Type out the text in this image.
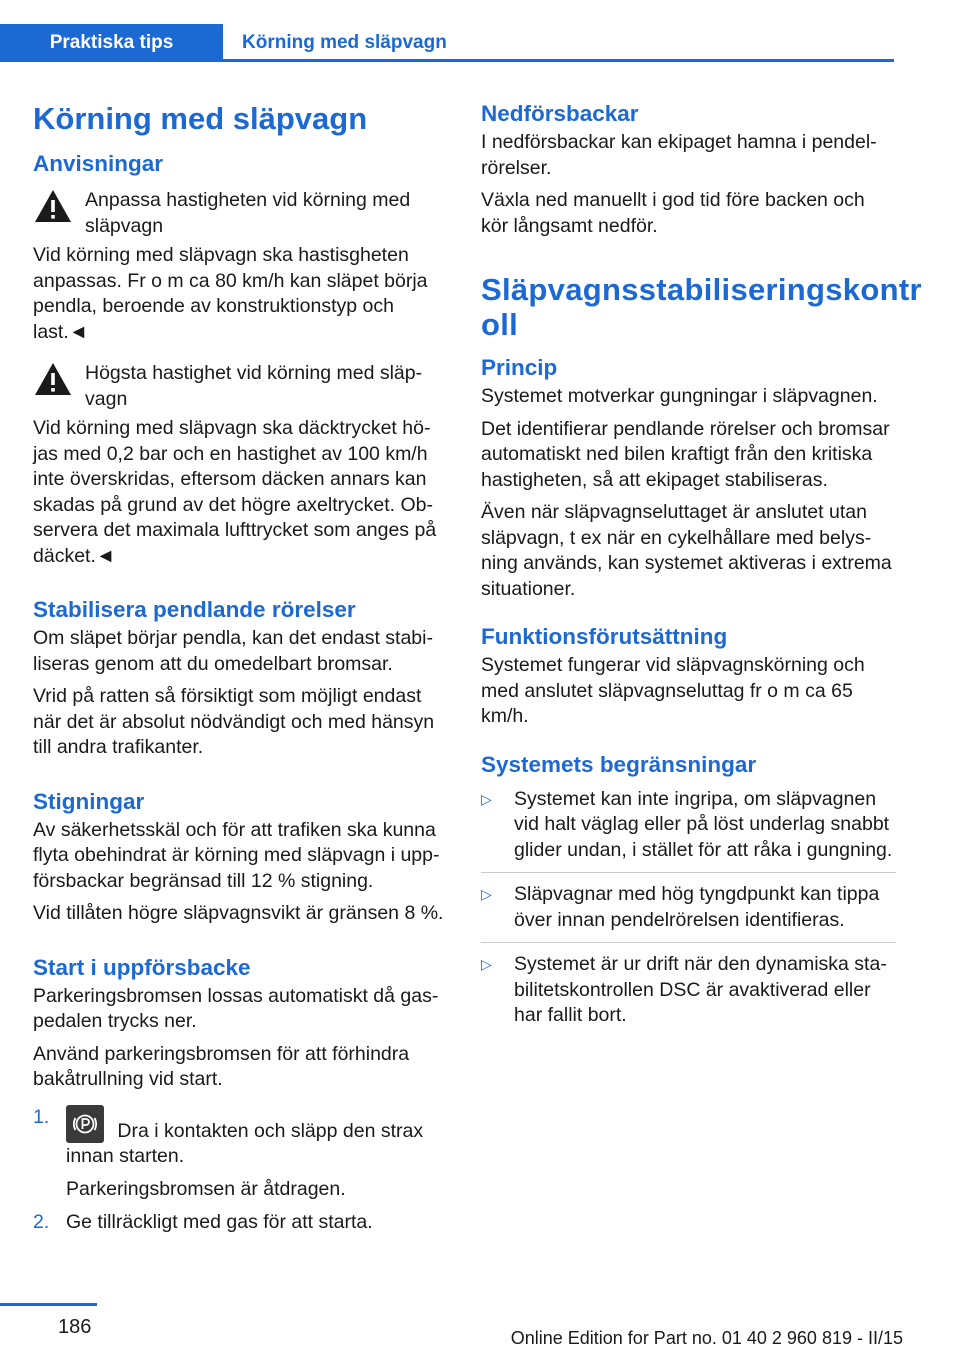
Praktiska tips	Körning med släpvagn
Körning med släpvagn
Anvisningar
Anpassa hastigheten vid körning med släpvagn

Vid körning med släpvagn ska hastisgheten anpassas. Fr o m ca 80 km/h kan släpet börja pendla, beroende av konstruktionstyp och last.◄

Högsta hastighet vid körning med släpvagn

Vid körning med släpvagn ska däcktrycket höjas med 0,2 bar och en hastighet av 100 km/h inte överskridas, eftersom däcken annars kan skadas på grund av det högre axeltrycket. Observera det maximala lufttrycket som anges på däcket.◄

Stabilisera pendlande rörelser

Om släpet börjar pendla, kan det endast stabiliseras genom att du omedelbart bromsar.

Vrid på ratten så försiktigt som möjligt endast när det är absolut nödvändigt och med hänsyn till andra trafikanter.

Stigningar

Av säkerhetsskäl och för att trafiken ska kunna flyta obehindrat är körning med släpvagn i uppförsbackar begränsad till 12 % stigning.

Vid tillåten högre släpvagnsvikt är gränsen 8 %.

Start i uppförsbacke

Parkeringsbromsen lossas automatiskt då gaspedalen trycks ner.

Använd parkeringsbromsen för att förhindra bakåtrullning vid start.

1.
Dra i kontakten och släpp den strax innan starten.
Parkeringsbromsen är åtdragen.
2. Ge tillräckligt med gas för att starta.
Nedförsbackar

I nedförsbackar kan ekipaget hamna i pendelrörelser.

Växla ned manuellt i god tid före backen och kör långsamt nedför.

Släpvagnsstabiliseringskontr oll
Princip

Systemet motverkar gungningar i släpvagnen.

Det identifierar pendlande rörelser och bromsar automatiskt ned bilen kraftigt från den kritiska hastigheten, så att ekipaget stabiliseras.

Även när släpvagnseluttaget är anslutet utan släpvagn, t ex när en cykelhållare med belysning används, kan systemet aktiveras i extrema situationer.

Funktionsförutsättning

Systemet fungerar vid släpvagnskörning och med anslutet släpvagnseluttag fr o m ca 65 km/h.

Systemets begränsningar
▷ Systemet kan inte ingripa, om släpvagnen vid halt väglag eller på löst underlag snabbt glider undan, i stället för att råka i gungning.
▷ Släpvagnar med hög tyngdpunkt kan tippa över innan pendelrörelsen identifieras.
▷ Systemet är ur drift när den dynamiska stabilitetskontrollen DSC är avaktiverad eller har fallit bort.
186	Online Edition for Part no. 01 40 2 960 819 - II/15
